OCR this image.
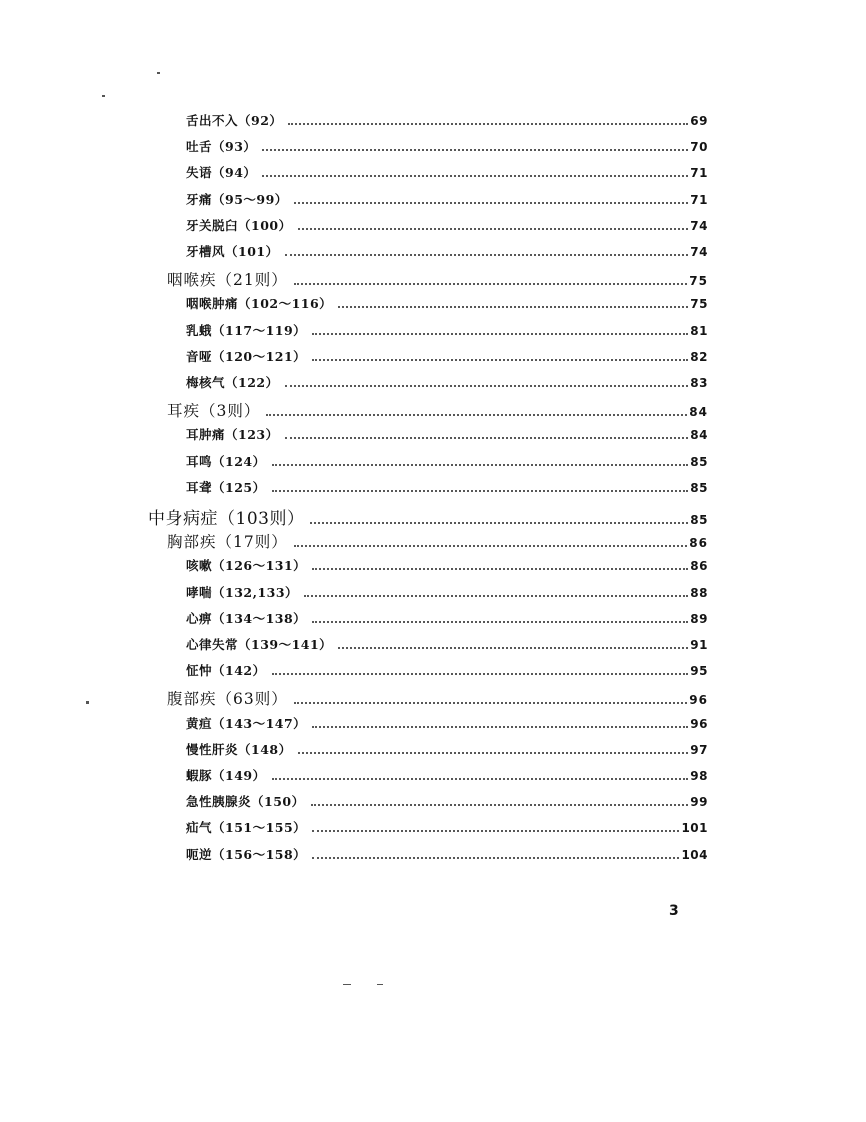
舌出不入（92）	69
吐舌（93）	70
失语（94）	71
牙痛（95～99）	71
牙关脱臼（100）	74
牙槽风（101）	74
咽喉疾（21则）	75
咽喉肿痛（102～116）	75
乳蛾（117～119）	81
音哑（120～121）	82
梅核气（122）	83
耳疾（3则）	84
耳肿痛（123）	84
耳鸣（124）	85
耳聋（125）	85
中身病症（103则）	85
胸部疾（17则）	86
咳嗽（126～131）	86
哮喘（132,133）	88
心痹（134～138）	89
心律失常（139～141）	91
怔忡（142）	95
腹部疾（63则）	96
黄疸（143～147）	96
慢性肝炎（148）	97
蝦豚（149）	98
急性胰腺炎（150）	99
疝气（151～155）	101
呃逆（156～158）	104
3
